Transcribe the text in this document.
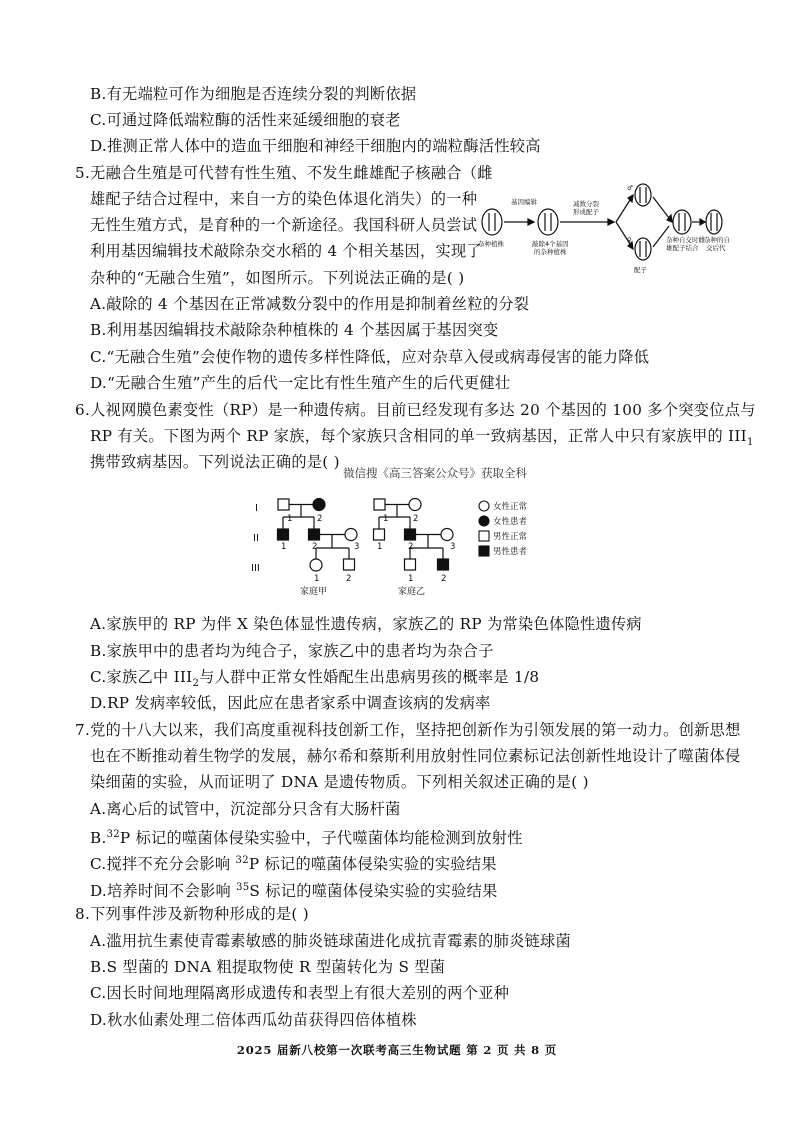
B.有无端粒可作为细胞是否连续分裂的判断依据
C.可通过降低端粒酶的活性来延缓细胞的衰老
D.推测正常人体中的造血干细胞和神经干细胞内的端粒酶活性较高
5.无融合生殖是可代替有性生殖、不发生雌雄配子核融合（雌
雄配子结合过程中，来自一方的染色体退化消失）的一种
无性生殖方式，是育种的一个新途径。我国科研人员尝试
利用基因编辑技术敲除杂交水稻的 4 个相关基因，实现了
杂种的“无融合生殖”，如图所示。下列说法正确的是( )
A.敲除的 4 个基因在正常减数分裂中的作用是抑制着丝粒的分裂
B.利用基因编辑技术敲除杂种植株的 4 个基因属于基因突变
C.“无融合生殖”会使作物的遗传多样性降低，应对杂草入侵或病毒侵害的能力降低
D.“无融合生殖”产生的后代一定比有性生殖产生的后代更健壮
6.人视网膜色素变性（RP）是一种遗传病。目前已经发现有多达 20 个基因的 100 多个突变位点与
RP 有关。下图为两个 RP 家族，每个家族只含相同的单一致病基因，正常人中只有家族甲的 $III_1$
携带致病基因。下列说法正确的是( )
微信搜《高三答案公众号》获取全科
A.家族甲的 RP 为伴 X 染色体显性遗传病，家族乙的 RP 为常染色体隐性遗传病
B.家族甲中的患者均为纯合子，家族乙中的患者均为杂合子
C.家族乙中 $III_2$与人群中正常女性婚配生出患病男孩的概率是 1/8
D.RP 发病率较低，因此应在患者家系中调查该病的发病率
7.党的十八大以来，我们高度重视科技创新工作，坚持把创新作为引领发展的第一动力。创新思想
也在不断推动着生物学的发展，赫尔希和蔡斯利用放射性同位素标记法创新性地设计了噬菌体侵
染细菌的实验，从而证明了 DNA 是遗传物质。下列相关叙述正确的是( )
A.离心后的试管中，沉淀部分只含有大肠杆菌
B.$^{32}$P 标记的噬菌体侵染实验中，子代噬菌体均能检测到放射性
C.搅拌不充分会影响 $^{32}$P 标记的噬菌体侵染实验的实验结果
D.培养时间不会影响 $^{35}$S 标记的噬菌体侵染实验的实验结果
8.下列事件涉及新物种形成的是( )
A.滥用抗生素使青霉素敏感的肺炎链球菌进化成抗青霉素的肺炎链球菌
B.S 型菌的 DNA 粗提取物使 R 型菌转化为 S 型菌
C.因长时间地理隔离形成遗传和表型上有很大差别的两个亚种
D.秋水仙素处理二倍体西瓜幼苗获得四倍体植株
2025 届新八校第一次联考高三生物试题 第 2 页 共 8 页
基因编辑	减数分裂
形成配子
杂种植株	敲除4个基因
的杂种植株
杂种自交时雌
雄配子结合
杂种的自
交后代
配子
♂
♀
I
II
III
1	2
1	2	3
1	2
1	2
1	2	3
1	2
家庭甲	家庭乙
女性正常
女性患者
男性正常
男性患者
